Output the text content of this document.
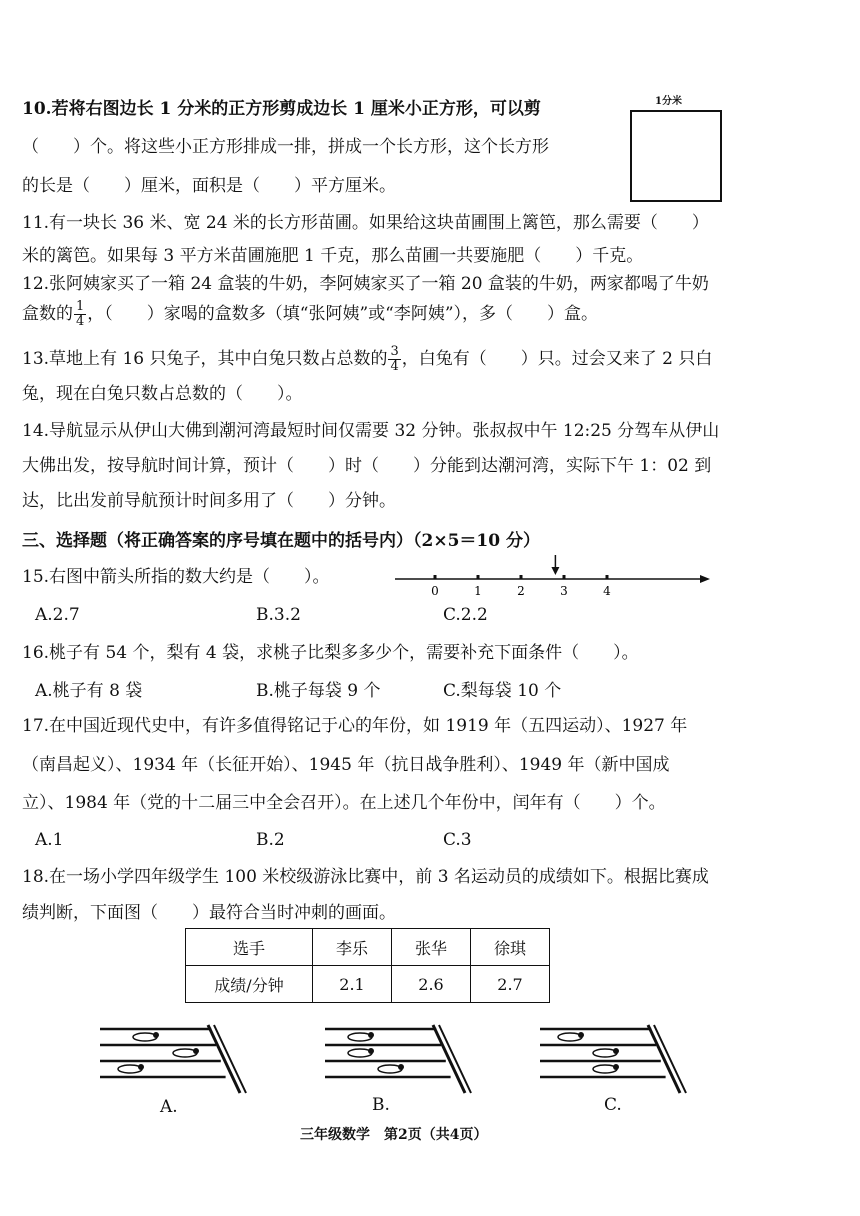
10.若将右图边长 1 分米的正方形剪成边长 1 厘米小正方形，可以剪
（　　）个。将这些小正方形排成一排，拼成一个长方形，这个长方形
的长是（　　）厘米，面积是（　　）平方厘米。
1分米
11.有一块长 36 米、宽 24 米的长方形苗圃。如果给这块苗圃围上篱笆，那么需要（　　）
米的篱笆。如果每 3 平方米苗圃施肥 1 千克，那么苗圃一共要施肥（　　）千克。
12.张阿姨家买了一箱 24 盒装的牛奶，李阿姨家买了一箱 20 盒装的牛奶，两家都喝了牛奶
盒数的 $\frac{1}{4}$ ，（　　）家喝的盒数多（填“张阿姨”或“李阿姨”），多（　　）盒。
13.草地上有 16 只兔子，其中白兔只数占总数的 $\frac{3}{4}$ ，白兔有（　　）只。过会又来了 2 只白
兔，现在白兔只数占总数的（　　）。
14.导航显示从伊山大佛到潮河湾最短时间仅需要 32 分钟。张叔叔中午 12:25 分驾车从伊山
大佛出发，按导航时间计算，预计（　　）时（　　）分能到达潮河湾，实际下午 1：02 到
达，比出发前导航预计时间多用了（　　）分钟。
三、选择题（将正确答案的序号填在题中的括号内）（2×5＝10 分）
15.右图中箭头所指的数大约是（　　）。
0	1	2	3	4
A.2.7	B.3.2	C.2.2
16.桃子有 54 个，梨有 4 袋，求桃子比梨多多少个，需要补充下面条件（　　）。
A.桃子有 8 袋	B.桃子每袋 9 个	C.梨每袋 10 个
17.在中国近现代史中，有许多值得铭记于心的年份，如 1919 年（五四运动）、1927 年
（南昌起义）、1934 年（长征开始）、1945 年（抗日战争胜利）、1949 年（新中国成
立）、1984 年（党的十二届三中全会召开）。在上述几个年份中，闰年有（　　）个。
A.1	B.2	C.3
18.在一场小学四年级学生 100 米校级游泳比赛中，前 3 名运动员的成绩如下。根据比赛成
绩判断，下面图（　　）最符合当时冲刺的画面。
选手	李乐	张华	徐琪
成绩/分钟	2.1	2.6	2.7
A.	B.	C.
三年级数学　第2页（共4页）
